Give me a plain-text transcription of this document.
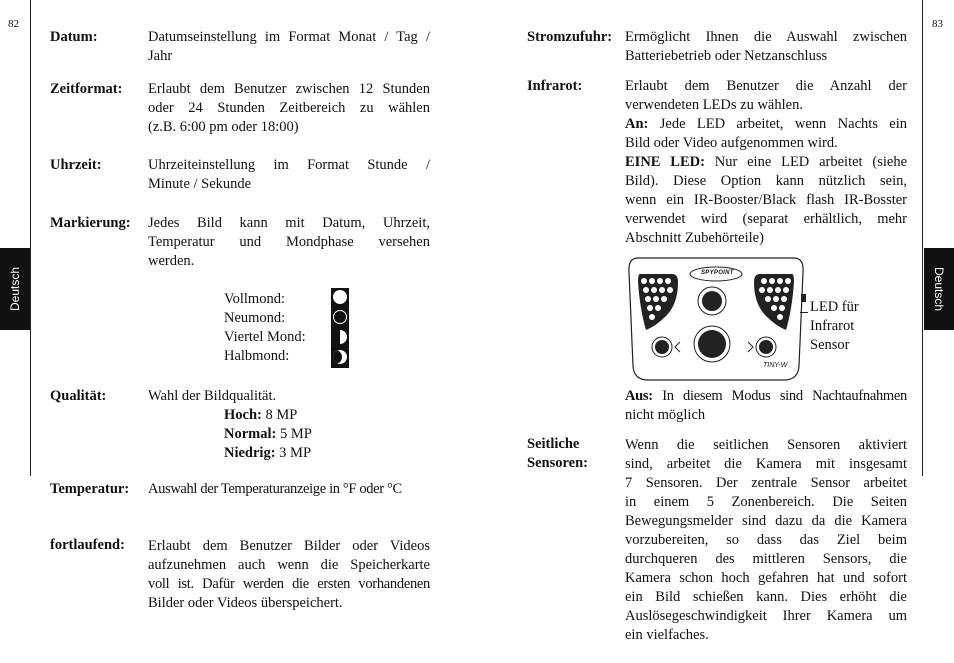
82
Deutsch
Datum:	Datumseinstellung im Format Monat / Tag /
Jahr
Zeitformat: Erlaubt dem Benutzer zwischen 12 Stunden
oder 24 Stunden Zeitbereich zu wählen
(z.B. 6:00 pm oder 18:00)
Uhrzeit:	Uhrzeiteinstellung im Format Stunde /
Minute / Sekunde
Markierung: Jedes Bild kann mit Datum, Uhrzeit,
Temperatur und Mondphase versehen
werden.
Vollmond:
Neumond:
Viertel Mond:
Halbmond:
Qualität:	Wahl der Bildqualität.
Hoch: 8 MP
Normal: 5 MP
Niedrig: 3 MP
Temperatur: Auswahl der Temperaturanzeige in °F oder °C
fortlaufend: Erlaubt dem Benutzer Bilder oder Videos
aufzunehmen auch wenn die Speicherkarte
voll ist. Dafür werden die ersten vorhandenen
Bilder oder Videos überspeichert.
83
Deutsch
Stromzufuhr: Ermöglicht Ihnen die Auswahl zwischen
Batteriebetrieb oder Netzanschluss
Infrarot:	Erlaubt dem Benutzer die Anzahl der
verwendeten LEDs zu wählen.
An: Jede LED arbeitet, wenn Nachts ein
Bild oder Video aufgenommen wird.
EINE LED: Nur eine LED arbeitet (siehe
Bild). Diese Option kann nützlich sein,
wenn ein IR-Booster/Black flash IR-Bosster
verwendet wird (separat erhältlich, mehr
Abschnitt Zubehörteile)
SPYPOINT
TINY-W
LED für
Infrarot
Sensor
Aus: In diesem Modus sind Nachtaufnahmen
nicht möglich
Seitliche
Sensoren:
Wenn die seitlichen Sensoren aktiviert
sind, arbeitet die Kamera mit insgesamt
7 Sensoren. Der zentrale Sensor arbeitet
in einem 5 Zonenbereich. Die Seiten
Bewegungsmelder sind dazu da die Kamera
vorzubereiten, so dass das Ziel beim
durchqueren des mittleren Sensors, die
Kamera schon hoch gefahren hat und sofort
ein Bild schießen kann. Dies erhöht die
Auslösegeschwindigkeit Ihrer Kamera um
ein vielfaches.
